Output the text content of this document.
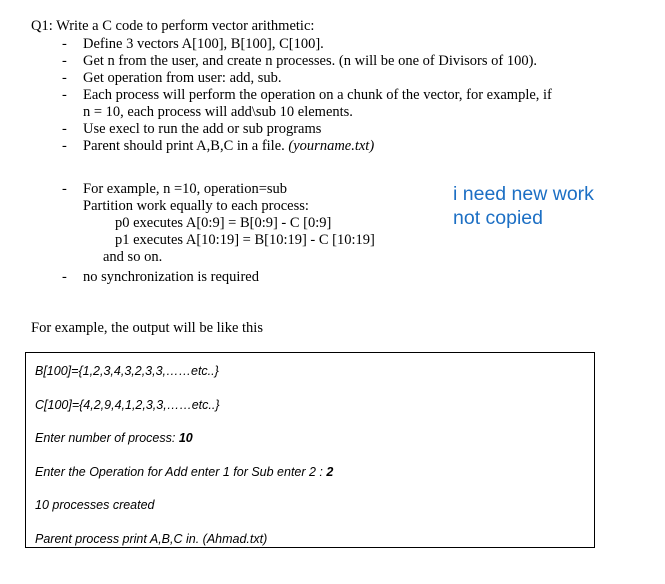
Q1: Write a C code to perform vector arithmetic:
- Define 3 vectors A[100], B[100], C[100].
- Get n from the user, and create n processes. (n will be one of Divisors of 100).
- Get operation from user: add, sub.
- Each process will perform the operation on a chunk of the vector, for example, if
n = 10, each process will add\sub 10 elements.
- Use execl to run the add or sub programs
- Parent should print A,B,C in a file. (yourname.txt)
- For example, n =10, operation=sub
Partition work equally to each process:
p0 executes A[0:9] = B[0:9] - C [0:9]
p1 executes A[10:19] = B[10:19] - C [10:19]
and so on.
- no synchronization is required
i need new work
not copied
For example, the output will be like this
B[100]={1,2,3,4,3,2,3,3,……etc..}
C[100]={4,2,9,4,1,2,3,3,……etc..}
Enter number of process: 10
Enter the Operation for Add enter 1 for Sub enter 2 : 2
10 processes created
Parent process print A,B,C in. (Ahmad.txt)
